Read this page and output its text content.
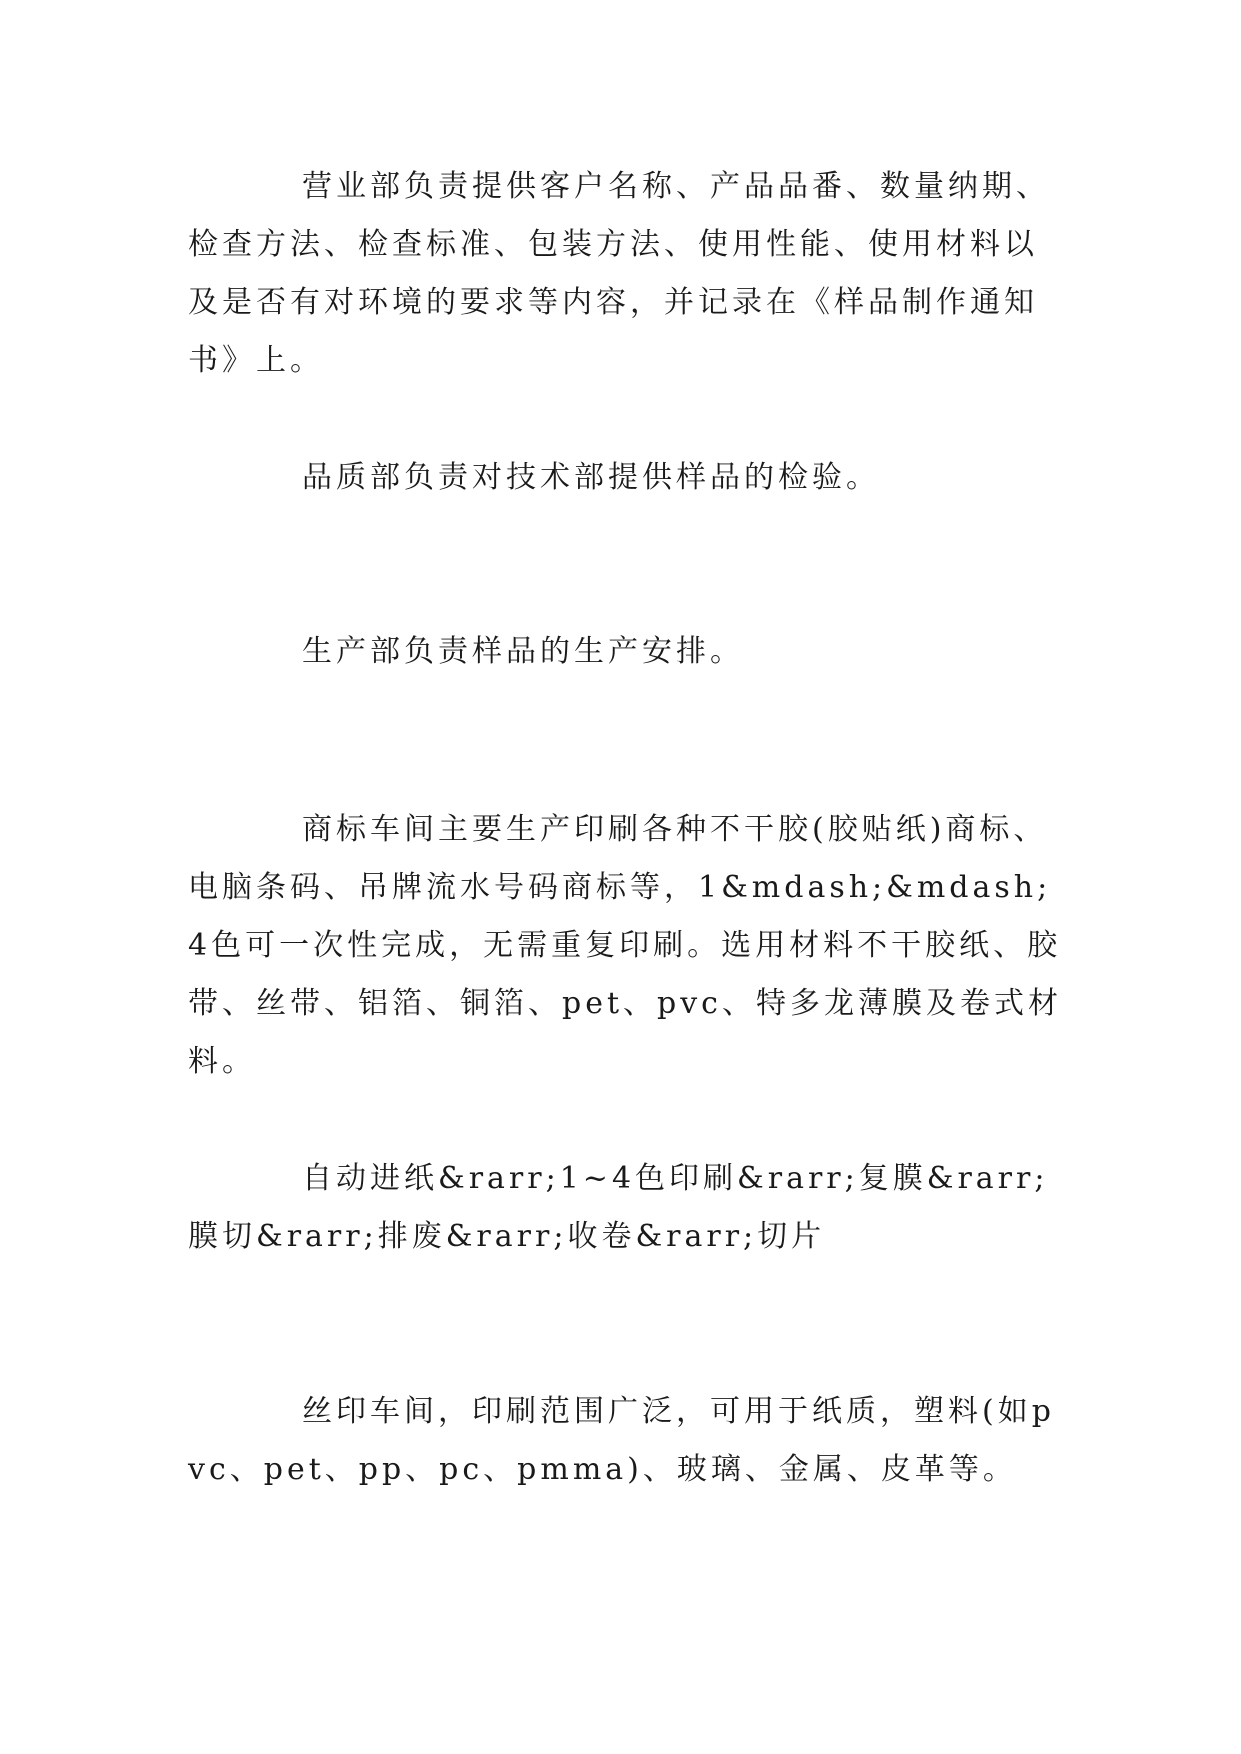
营业部负责提供客户名称、产品品番、数量纳期、检查方法、检查标准、包装方法、使用性能、使用材料以及是否有对环境的要求等内容，并记录在《样品制作通知书》上。

品质部负责对技术部提供样品的检验。

生产部负责样品的生产安排。

商标车间主要生产印刷各种不干胶(胶贴纸)商标、电脑条码、吊牌流水号码商标等，1&mdash;&mdash;4色可一次性完成，无需重复印刷。选用材料不干胶纸、胶带、丝带、铝箔、铜箔、pet、pvc、特多龙薄膜及卷式材料。

自动进纸&rarr;1~4色印刷&rarr;复膜&rarr;膜切&rarr;排废&rarr;收卷&rarr;切片

丝印车间，印刷范围广泛，可用于纸质，塑料(如pvc、pet、pp、pc、pmma)、玻璃、金属、皮革等。
